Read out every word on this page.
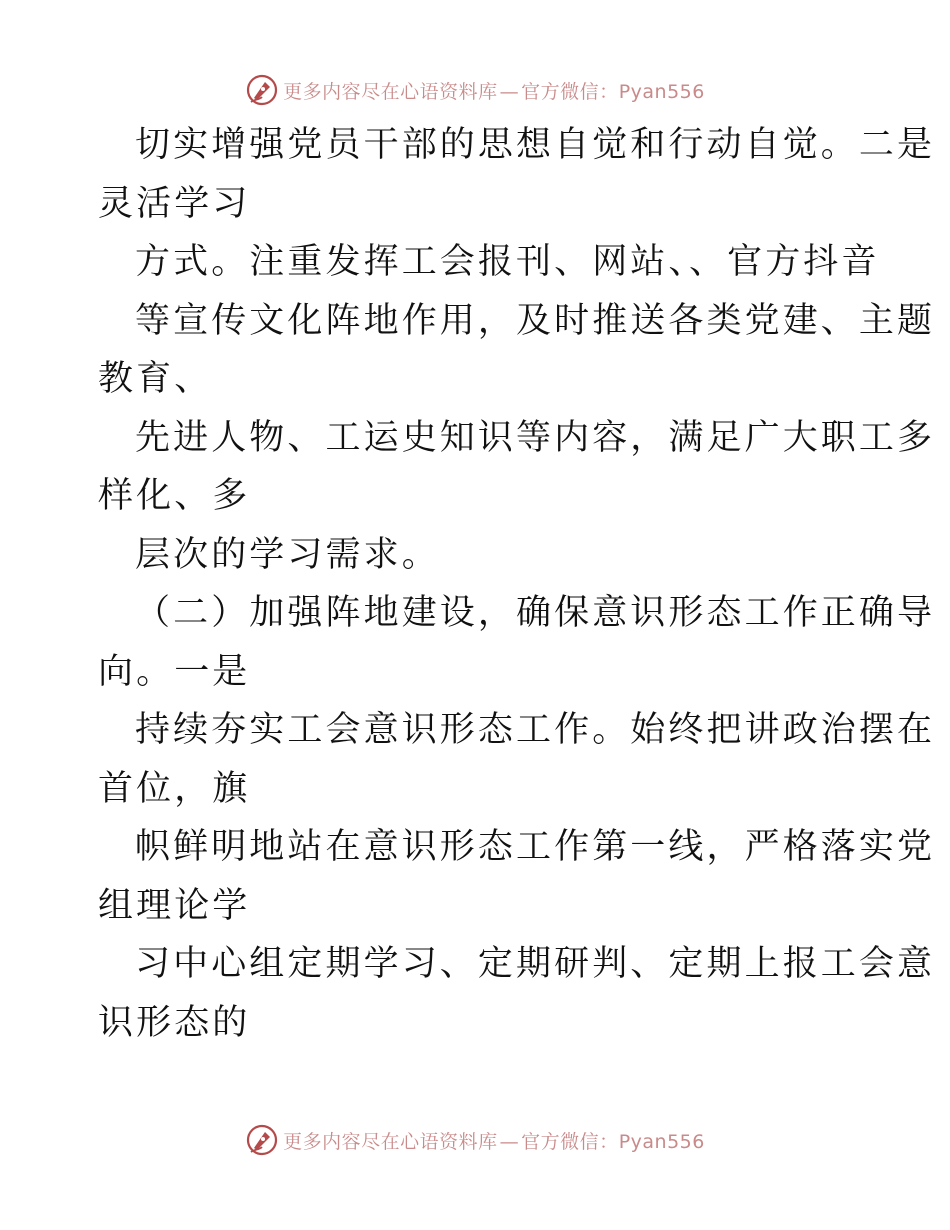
更多内容尽在心语资料库 — 官方微信：Pyan556
切实增强党员干部的思想自觉和行动自觉。二是
灵活学习
方式。注重发挥工会报刊、网站、、官方抖音
等宣传文化阵地作用，及时推送各类党建、主题
教育、
先进人物、工运史知识等内容，满足广大职工多
样化、多
层次的学习需求。
（二）加强阵地建设，确保意识形态工作正确导
向。一是
持续夯实工会意识形态工作。始终把讲政治摆在
首位，旗
帜鲜明地站在意识形态工作第一线，严格落实党
组理论学
习中心组定期学习、定期研判、定期上报工会意
识形态的
更多内容尽在心语资料库 — 官方微信：Pyan556
